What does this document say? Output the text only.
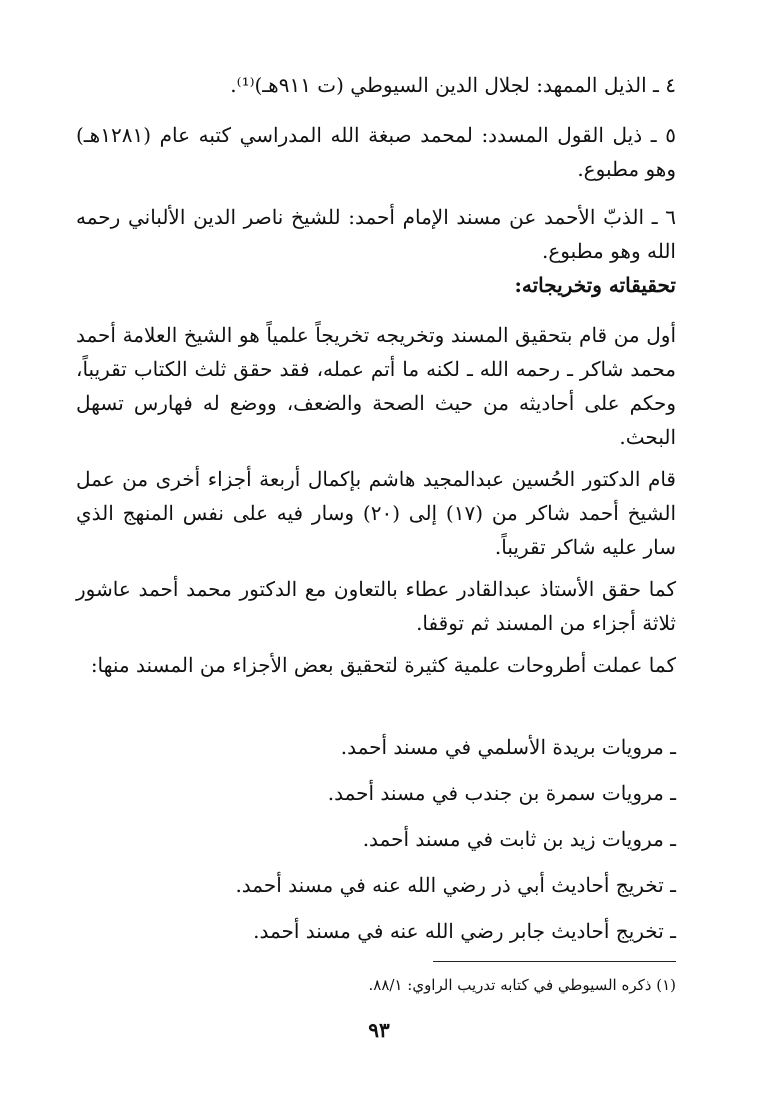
٤ ـ الذيل الممهد: لجلال الدين السيوطي (ت ٩١١هـ)⁽¹⁾.

٥ ـ ذيل القول المسدد: لمحمد صبغة الله المدراسي كتبه عام (١٢٨١هـ) وهو مطبوع.

٦ ـ الذبّ الأحمد عن مسند الإمام أحمد: للشيخ ناصر الدين الألباني رحمه الله وهو مطبوع.

تحقيقاته وتخريجاته:

أول من قام بتحقيق المسند وتخريجه تخريجاً علمياً هو الشيخ العلامة أحمد محمد شاكر ـ رحمه الله ـ لكنه ما أتم عمله، فقد حقق ثلث الكتاب تقريباً، وحكم على أحاديثه من حيث الصحة والضعف، ووضع له فهارس تسهل البحث.

قام الدكتور الحُسين عبدالمجيد هاشم بإكمال أربعة أجزاء أخرى من عمل الشيخ أحمد شاكر من (١٧) إلى (٢٠) وسار فيه على نفس المنهج الذي سار عليه شاكر تقريباً.

كما حقق الأستاذ عبدالقادر عطاء بالتعاون مع الدكتور محمد أحمد عاشور ثلاثة أجزاء من المسند ثم توقفا.

كما عملت أطروحات علمية كثيرة لتحقيق بعض الأجزاء من المسند منها:

ـ مرويات بريدة الأسلمي في مسند أحمد.

ـ مرويات سمرة بن جندب في مسند أحمد.

ـ مرويات زيد بن ثابت في مسند أحمد.

ـ تخريج أحاديث أبي ذر رضي الله عنه في مسند أحمد.

ـ تخريج أحاديث جابر رضي الله عنه في مسند أحمد.

(١) ذكره السيوطي في كتابه تدريب الراوي: ٨٨/١.

٩٣
